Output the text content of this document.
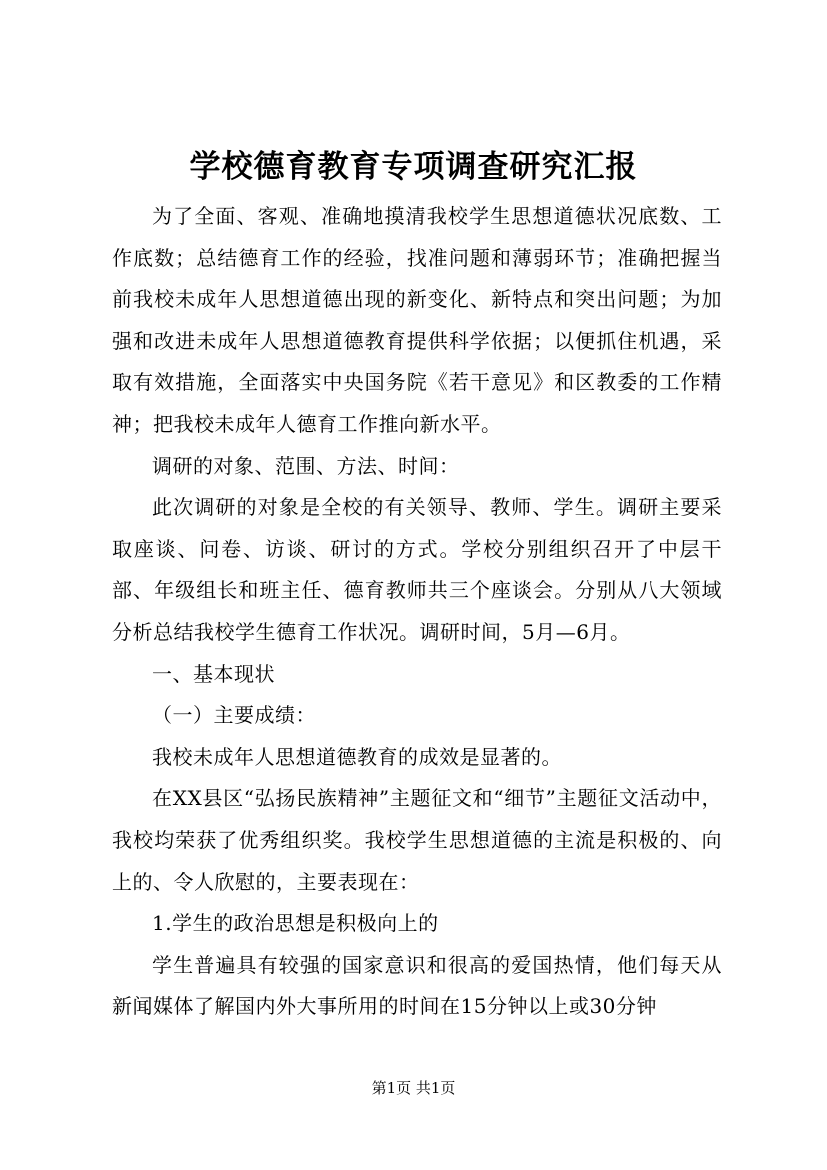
学校德育教育专项调查研究汇报

为了全面、客观、准确地摸清我校学生思想道德状况底数、工作底数；总结德育工作的经验，找准问题和薄弱环节；准确把握当前我校未成年人思想道德出现的新变化、新特点和突出问题；为加强和改进未成年人思想道德教育提供科学依据；以便抓住机遇，采取有效措施，全面落实中央国务院《若干意见》和区教委的工作精神；把我校未成年人德育工作推向新水平。

调研的对象、范围、方法、时间：

此次调研的对象是全校的有关领导、教师、学生。调研主要采取座谈、问卷、访谈、研讨的方式。学校分别组织召开了中层干部、年级组长和班主任、德育教师共三个座谈会。分别从八大领域分析总结我校学生德育工作状况。调研时间，5月—6月。

一、基本现状

（一）主要成绩：

我校未成年人思想道德教育的成效是显著的。

在XX县区“弘扬民族精神”主题征文和“细节”主题征文活动中，我校均荣获了优秀组织奖。我校学生思想道德的主流是积极的、向上的、令人欣慰的，主要表现在：

1.学生的政治思想是积极向上的

学生普遍具有较强的国家意识和很高的爱国热情，他们每天从新闻媒体了解国内外大事所用的时间在15分钟以上或30分钟

第1页 共1页
